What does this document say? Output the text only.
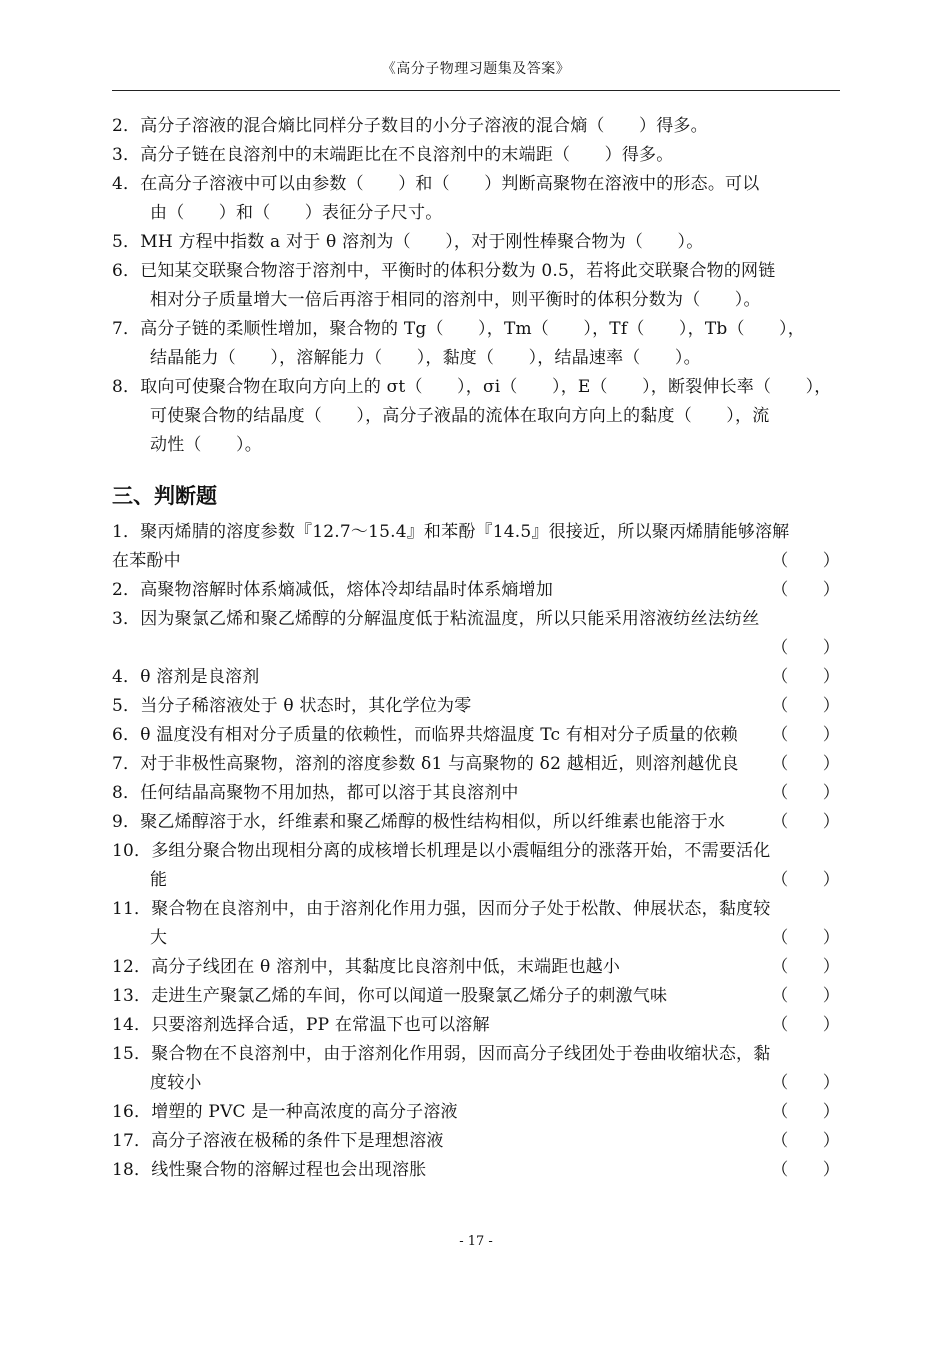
《高分子物理习题集及答案》
2．高分子溶液的混合熵比同样分子数目的小分子溶液的混合熵（　　）得多。
3．高分子链在良溶剂中的末端距比在不良溶剂中的末端距（　　）得多。
4．在高分子溶液中可以由参数（　　）和（　　）判断高聚物在溶液中的形态。可以
由（　　）和（　　）表征分子尺寸。
5．MH 方程中指数 a 对于 θ 溶剂为（　　），对于刚性棒聚合物为（　　）。
6．已知某交联聚合物溶于溶剂中，平衡时的体积分数为 0.5，若将此交联聚合物的网链
相对分子质量增大一倍后再溶于相同的溶剂中，则平衡时的体积分数为（　　）。
7．高分子链的柔顺性增加，聚合物的 Tg（　　），Tm（　　），Tf（　　），Tb（　　），
结晶能力（　　），溶解能力（　　），黏度（　　），结晶速率（　　）。
8．取向可使聚合物在取向方向上的 σt（　　），σi（　　），E（　　），断裂伸长率（　　），
可使聚合物的结晶度（　　），高分子液晶的流体在取向方向上的黏度（　　），流
动性（　　）。
三、判断题
1．聚丙烯腈的溶度参数『12.7～15.4』和苯酚『14.5』很接近，所以聚丙烯腈能够溶解
在苯酚中	（　　）
2．高聚物溶解时体系熵减低，熔体冷却结晶时体系熵增加	（　　）
3．因为聚氯乙烯和聚乙烯醇的分解温度低于粘流温度，所以只能采用溶液纺丝法纺丝
（　　）
4．θ 溶剂是良溶剂	（　　）
5．当分子稀溶液处于 θ 状态时，其化学位为零	（　　）
6．θ 温度没有相对分子质量的依赖性，而临界共熔温度 Tc 有相对分子质量的依赖	（　　）
7．对于非极性高聚物，溶剂的溶度参数 δ1 与高聚物的 δ2 越相近，则溶剂越优良	（　　）
8．任何结晶高聚物不用加热，都可以溶于其良溶剂中	（　　）
9．聚乙烯醇溶于水，纤维素和聚乙烯醇的极性结构相似，所以纤维素也能溶于水	（　　）
10．多组分聚合物出现相分离的成核增长机理是以小震幅组分的涨落开始，不需要活化
能	（　　）
11．聚合物在良溶剂中，由于溶剂化作用力强，因而分子处于松散、伸展状态，黏度较
大	（　　）
12．高分子线团在 θ 溶剂中，其黏度比良溶剂中低，末端距也越小	（　　）
13．走进生产聚氯乙烯的车间，你可以闻道一股聚氯乙烯分子的刺激气味	（　　）
14．只要溶剂选择合适，PP 在常温下也可以溶解	（　　）
15．聚合物在不良溶剂中，由于溶剂化作用弱，因而高分子线团处于卷曲收缩状态，黏
度较小	（　　）
16．增塑的 PVC 是一种高浓度的高分子溶液	（　　）
17．高分子溶液在极稀的条件下是理想溶液	（　　）
18．线性聚合物的溶解过程也会出现溶胀	（　　）
- 17 -
